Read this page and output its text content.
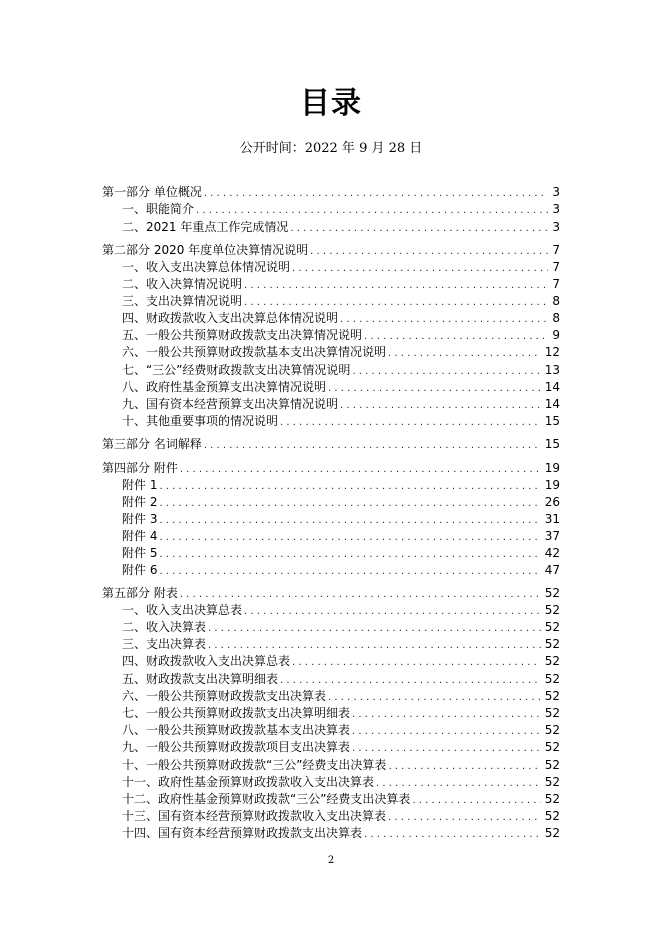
目录
公开时间：2022 年 9 月 28 日
第一部分 单位概况 . . .	3
一、职能简介 . . .	3
二、2021 年重点工作完成情况 . . .	3
第二部分 2020 年度单位决算情况说明 . . .	7
一、收入支出决算总体情况说明 . . .	7
二、收入决算情况说明 . . .	7
三、支出决算情况说明 . . .	8
四、财政拨款收入支出决算总体情况说明 . . .	8
五、一般公共预算财政拨款支出决算情况说明 . . .	9
六、一般公共预算财政拨款基本支出决算情况说明 . . .	12
七、“三公”经费财政拨款支出决算情况说明 . . .	13
八、政府性基金预算支出决算情况说明 . . .	14
九、国有资本经营预算支出决算情况说明 . . .	14
十、其他重要事项的情况说明 . . .	15
第三部分 名词解释 . . .	15
第四部分 附件 . . .	19
附件 1 . . .	19
附件 2 . . .	26
附件 3 . . .	31
附件 4 . . .	37
附件 5 . . .	42
附件 6 . . .	47
第五部分 附表 . . .	52
一、收入支出决算总表 . . .	52
二、收入决算表 . . .	52
三、支出决算表 . . .	52
四、财政拨款收入支出决算总表 . . .	52
五、财政拨款支出决算明细表 . . .	52
六、一般公共预算财政拨款支出决算表 . . .	52
七、一般公共预算财政拨款支出决算明细表 . . .	52
八、一般公共预算财政拨款基本支出决算表 . . .	52
九、一般公共预算财政拨款项目支出决算表 . . .	52
十、一般公共预算财政拨款“三公”经费支出决算表 . . .	52
十一、政府性基金预算财政拨款收入支出决算表 . . .	52
十二、政府性基金预算财政拨款“三公”经费支出决算表 . . .	52
十三、国有资本经营预算财政拨款收入支出决算表 . . .	52
十四、国有资本经营预算财政拨款支出决算表 . . .	52
2
